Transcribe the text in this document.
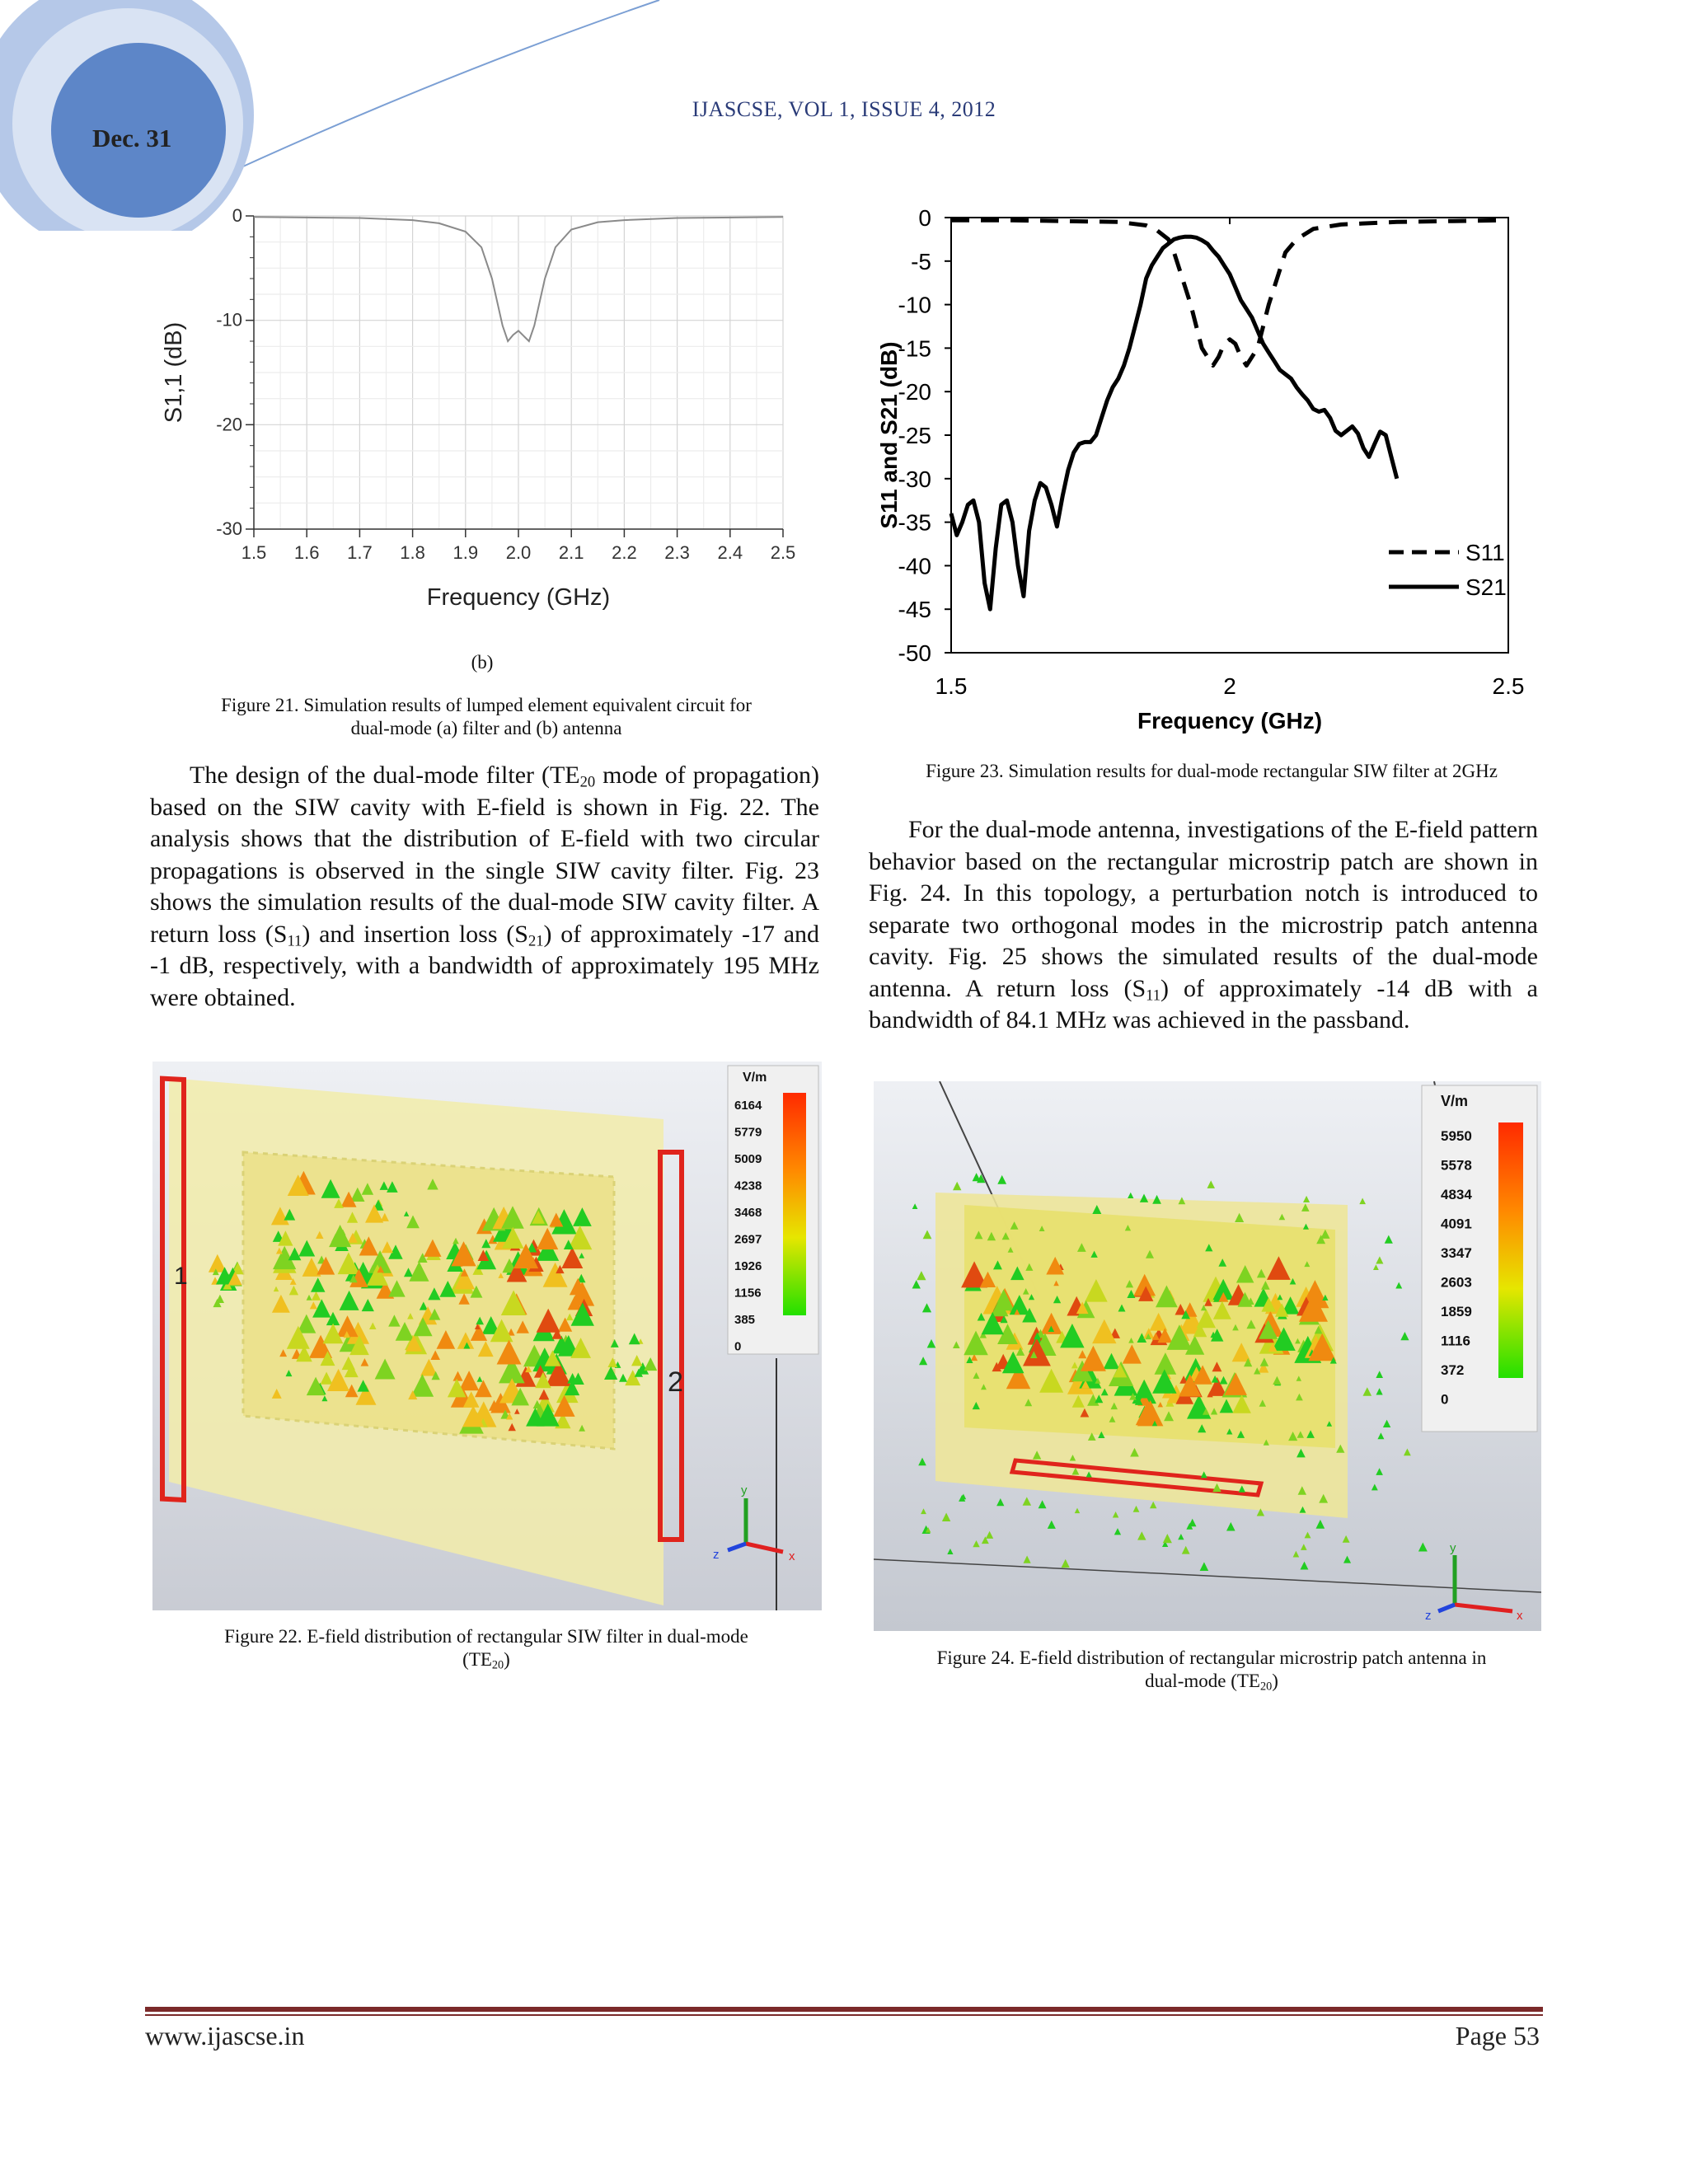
Dec. 31
IJASCSE, VOL 1, ISSUE 4, 2012
1.5 1.6 1.7 1.8 1.9 2.0 2.1 2.2 2.3 2.4 2.5
0
-10
-20
-30
Frequency (GHz)
S1,1 (dB)
(b)
Figure 21. Simulation results of lumped element equivalent circuit for
dual-mode (a) filter and (b) antenna
0
-5
-10
-15
-20
-25
-30
-35
-40
-45
-50
1.5	2	2.5
Frequency (GHz)
S11 and S21 (dB)
S11
S21
Figure 23. Simulation results for dual-mode rectangular SIW filter at 2GHz

The design of the dual-mode filter ($TE_{20}$ mode of propagation) based on the SIW cavity with E-field is shown in Fig. 22. The analysis shows that the distribution of E-field with two circular propagations is observed in the single SIW cavity filter. Fig. 23 shows the simulation results of the dual-mode SIW cavity filter. A return loss $(S_{11})$ and insertion loss $(S_{21})$ of approximately -17 and -1 dB, respectively, with a bandwidth of approximately 195 MHz were obtained.

For the dual-mode antenna, investigations of the E-field pattern behavior based on the rectangular microstrip patch are shown in Fig. 24. In this topology, a perturbation notch is introduced to separate two orthogonal modes in the microstrip patch antenna cavity. Fig. 25 shows the simulated results of the dual-mode antenna. A return loss $(S_{11})$ of approximately -14 dB with a bandwidth of 84.1 MHz was achieved in the passband.

1
2
V/m
6164
5779
5009
4238
3468
2697
1926
1156
385
0
y
x
z
Figure 22. E-field distribution of rectangular SIW filter in dual-mode
$(TE_{20})$
V/m
5950
5578
4834
4091
3347
2603
1859
1116
372
0
y
x
z
Figure 24. E-field distribution of rectangular microstrip patch antenna in
dual-mode $(TE_{20})$
www.ijascse.in	Page 53
